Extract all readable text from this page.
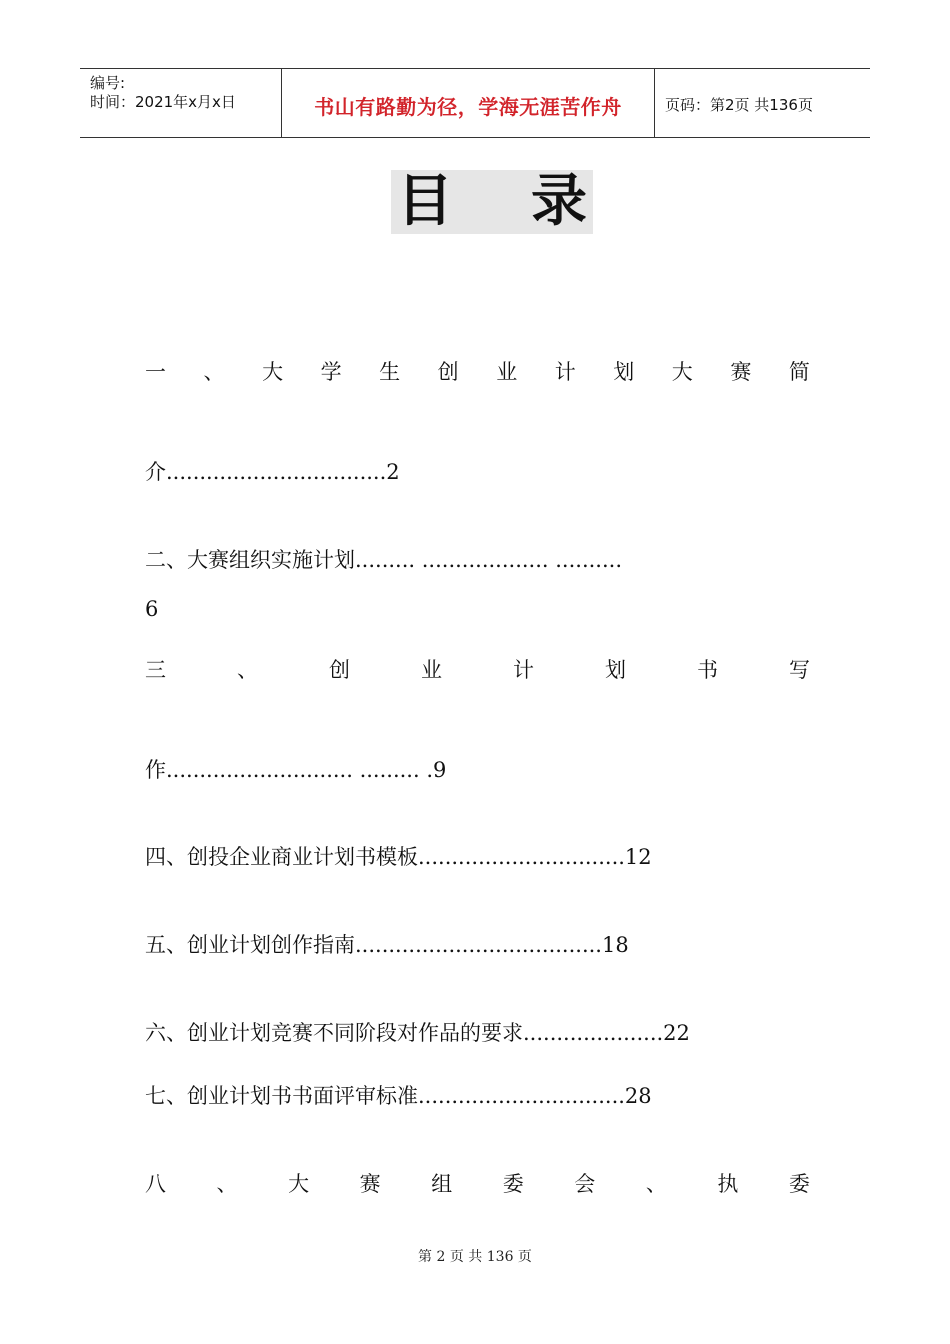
编号:
时间：2021年x月x日	书山有路勤为径，学海无涯苦作舟	页码：第2页 共136页
目 录
一 、 大 学 生 创 业 计 划 大 赛 简
介.................................2
二、大赛组织实施计划......... ................... ..........
6
三	、	创	业	计	划	书	写
作............................ ......... .9
四、创投企业商业计划书模板...............................12
五、创业计划创作指南.....................................18
六、创业计划竞赛不同阶段对作品的要求.....................22
七、创业计划书书面评审标准...............................28
八 、 大 赛 组 委 会 、 执 委
第 2 页 共 136 页
